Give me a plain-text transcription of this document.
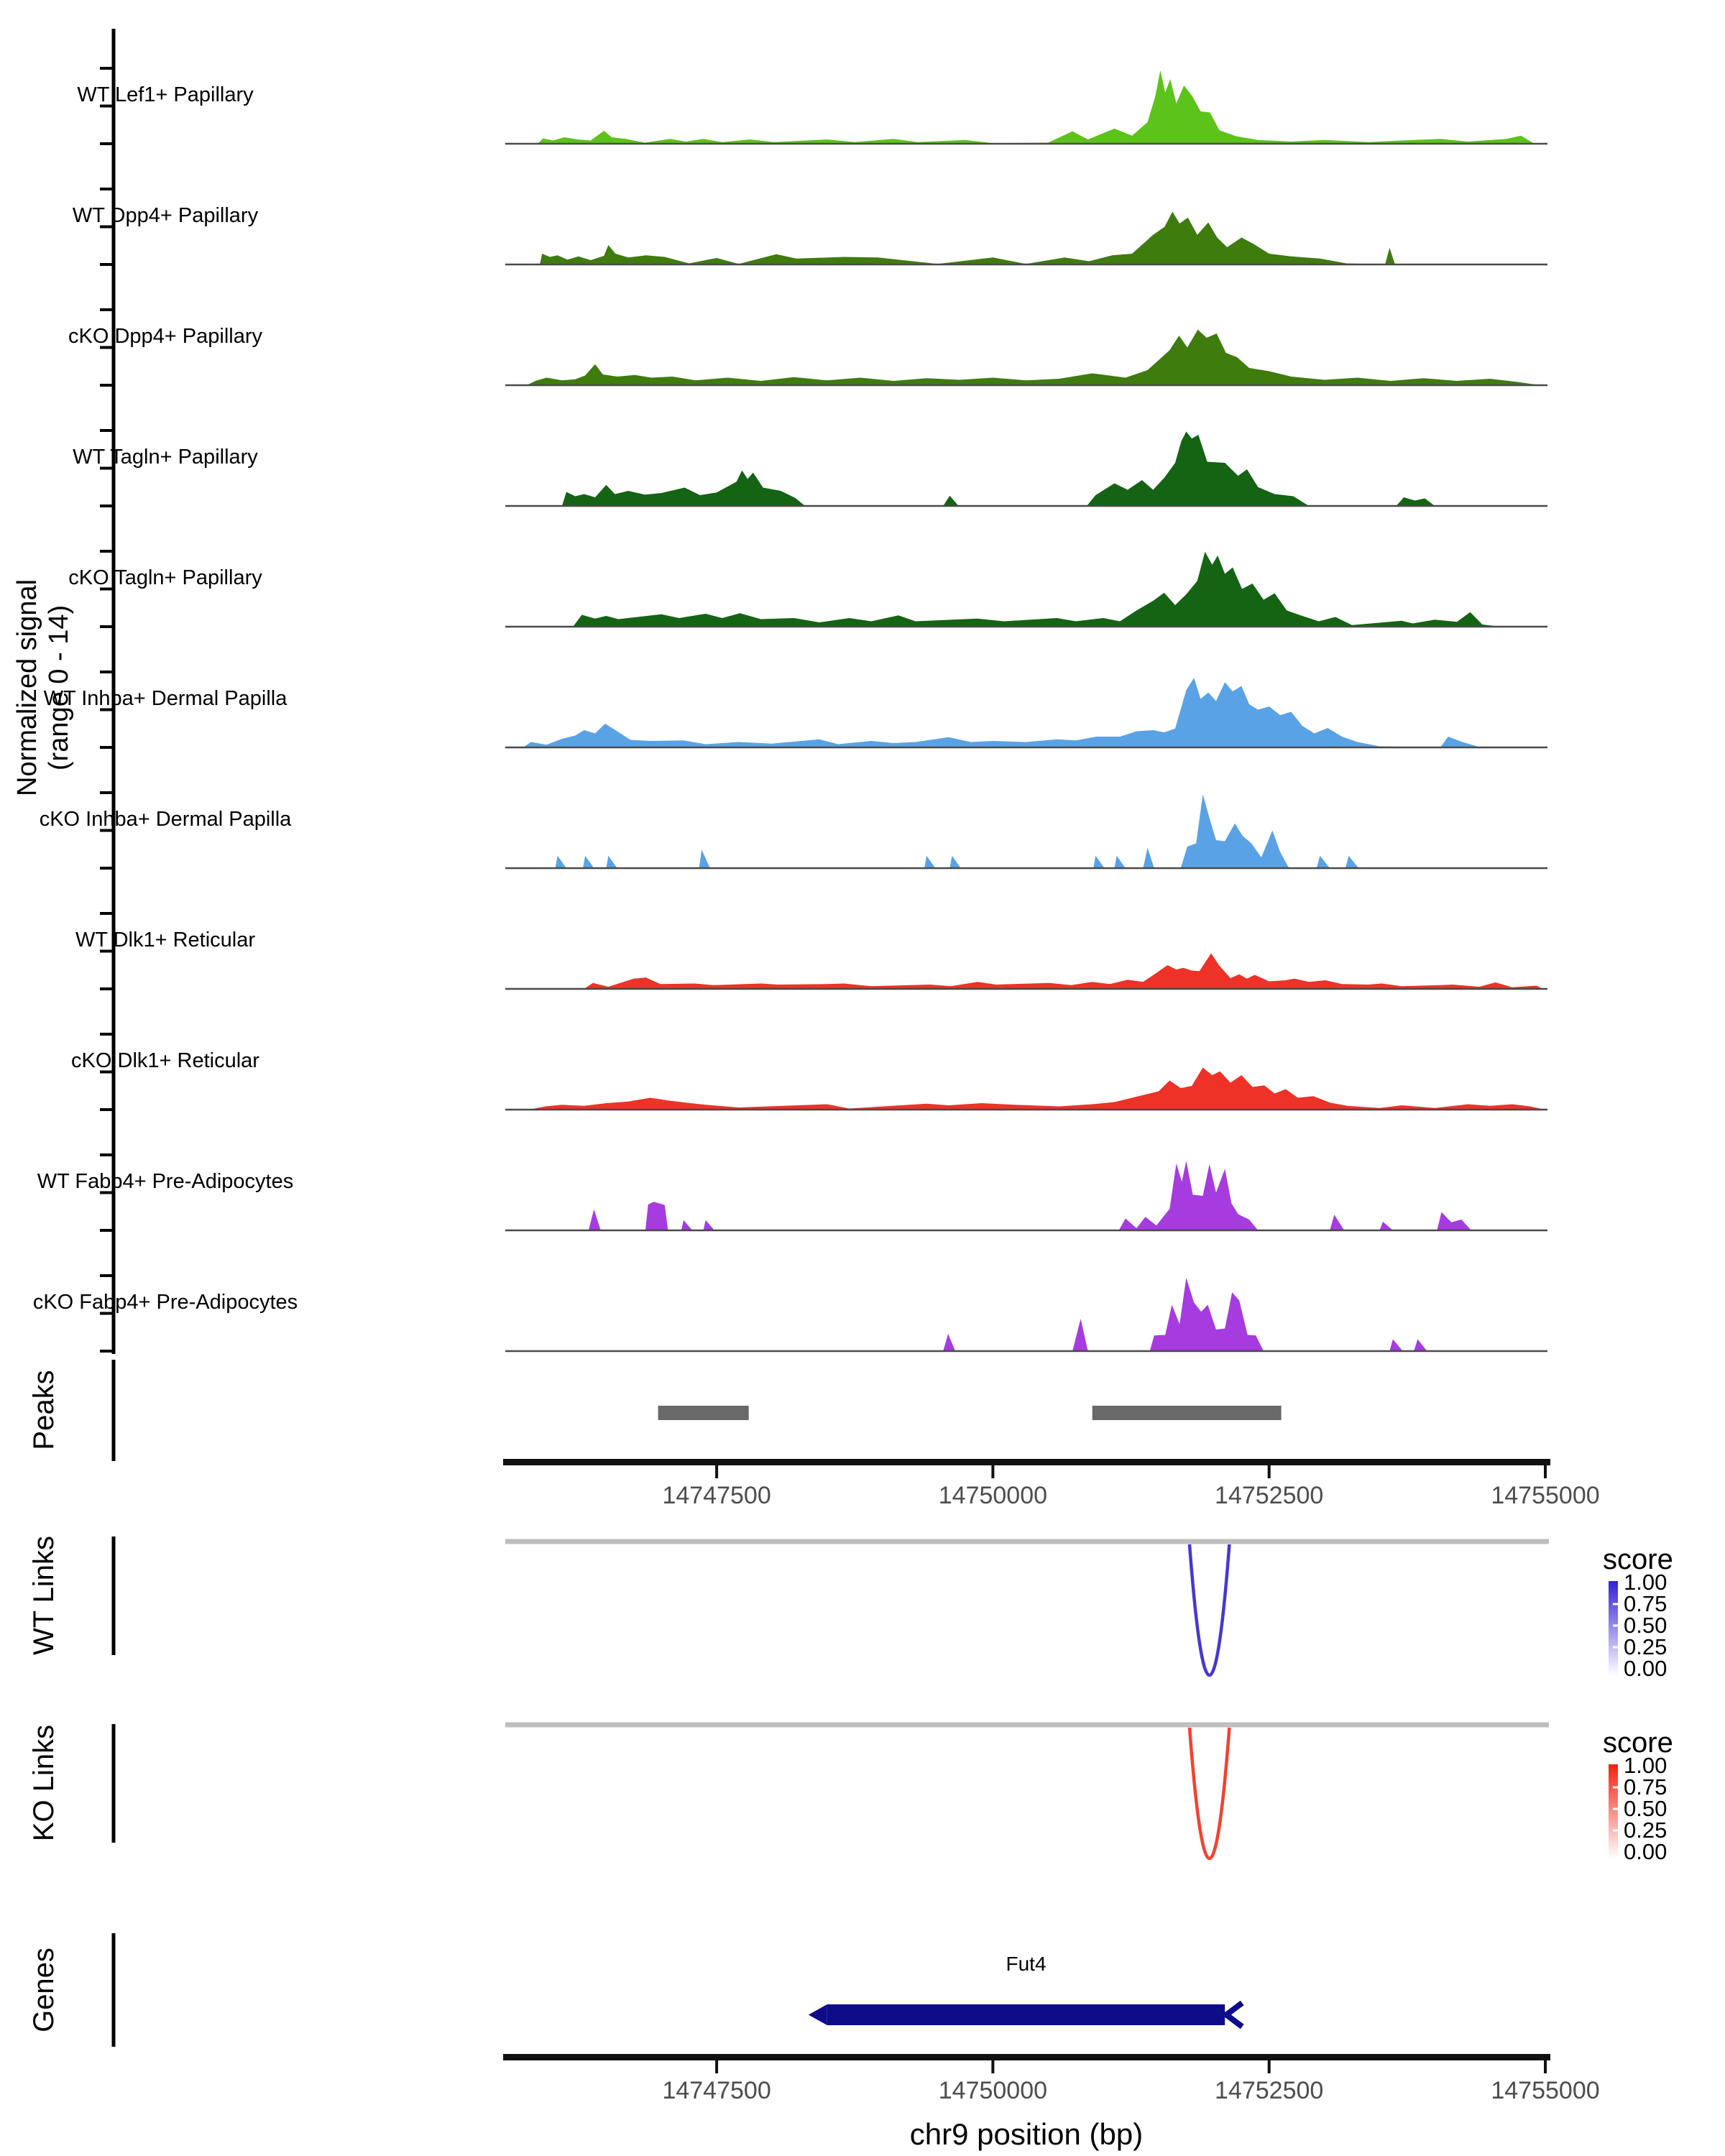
Normalized signal (range 0 - 14)
Peaks
WT Links
KO Links
Genes
chr9 position (bp)
WT Lef1+ Papillary
WT Dpp4+ Papillary
cKO Dpp4+ Papillary
WT Tagln+ Papillary
cKO Tagln+ Papillary
WT Inhba+ Dermal Papilla
cKO Inhba+ Dermal Papilla
WT Dlk1+ Reticular
cKO Dlk1+ Reticular
WT Fabp4+ Pre-Adipocytes
cKO Fabp4+ Pre-Adipocytes
14747500	14750000	14752500	14755000
14747500	14750000	14752500	14755000
score
1.00
0.75
0.50
0.25
0.00
score
1.00
0.75
0.50
0.25
0.00
Fut4
